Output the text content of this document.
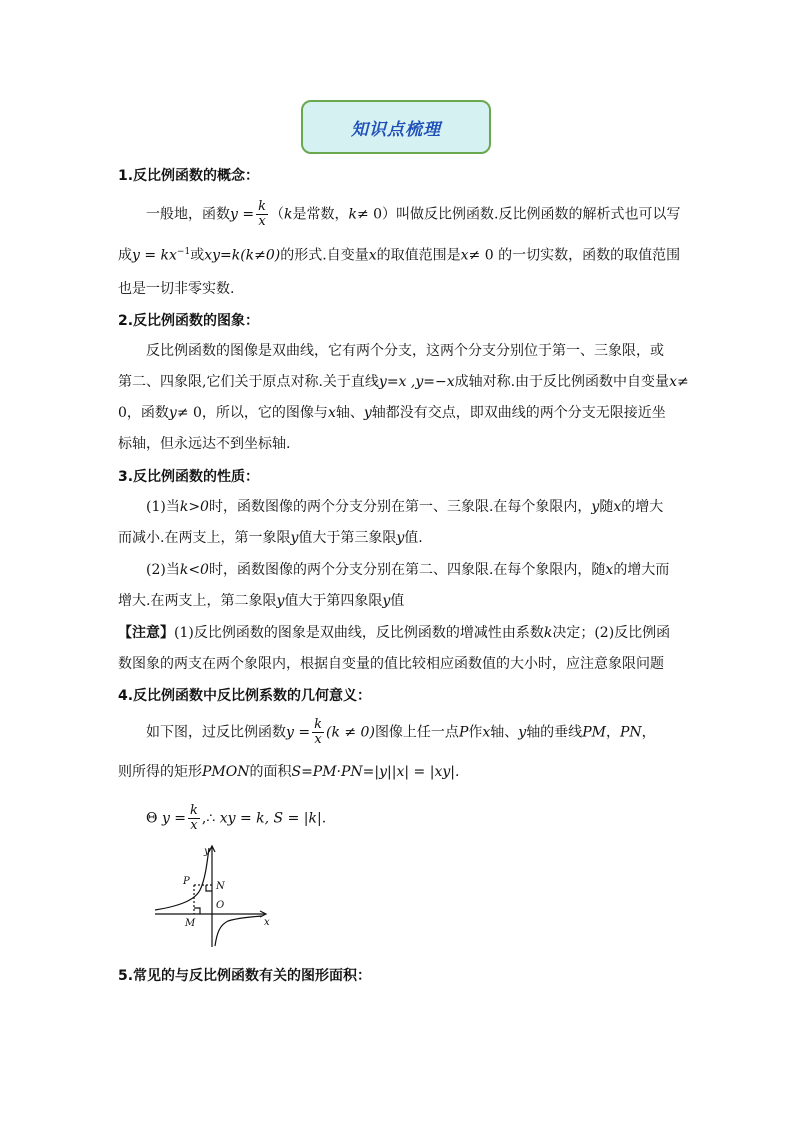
知识点梳理
1.反比例函数的概念：
一般地，函数$y = \frac{k}{x} (k$是常数，k≠ 0）叫做反比例函数.反比例函数的解析式也可以写
成$y = kx^{-1}$或xy=k(k≠0)的形式.自变量x的取值范围是x≠ 0 的一切实数，函数的取值范围
也是一切非零实数.
2.反比例函数的图象：
反比例函数的图像是双曲线，它有两个分支，这两个分支分别位于第一、三象限，或
第二、四象限,它们关于原点对称.关于直线y=x ,y=−x成轴对称.由于反比例函数中自变量x≠
0，函数y≠ 0，所以，它的图像与x轴、y轴都没有交点，即双曲线的两个分支无限接近坐
标轴，但永远达不到坐标轴.
3.反比例函数的性质：
(1)当k>0时，函数图像的两个分支分别在第一、三象限.在每个象限内，y随x的增大
而减小.在两支上，第一象限y值大于第三象限y值.
(2)当k<0时，函数图像的两个分支分别在第二、四象限.在每个象限内，随x的增大而
增大.在两支上，第二象限y值大于第四象限y值
【注意】(1)反比例函数的图象是双曲线，反比例函数的增减性由系数k决定；(2)反比例函
数图象的两支在两个象限内，根据自变量的值比较相应函数值的大小时，应注意象限问题
4.反比例函数中反比例系数的几何意义：
如下图，过反比例函数$y = \frac{k}{x} (k \ne 0)$图像上任一点P作x轴、y轴的垂线PM，PN，
则所得的矩形PMON的面积S=PM·PN=|y||x| = |xy|.
Θ $y = \frac{k}{x}$ ,∴ xy = k, S = |k|.
y
x
O
P	N
M
5.常见的与反比例函数有关的图形面积：
